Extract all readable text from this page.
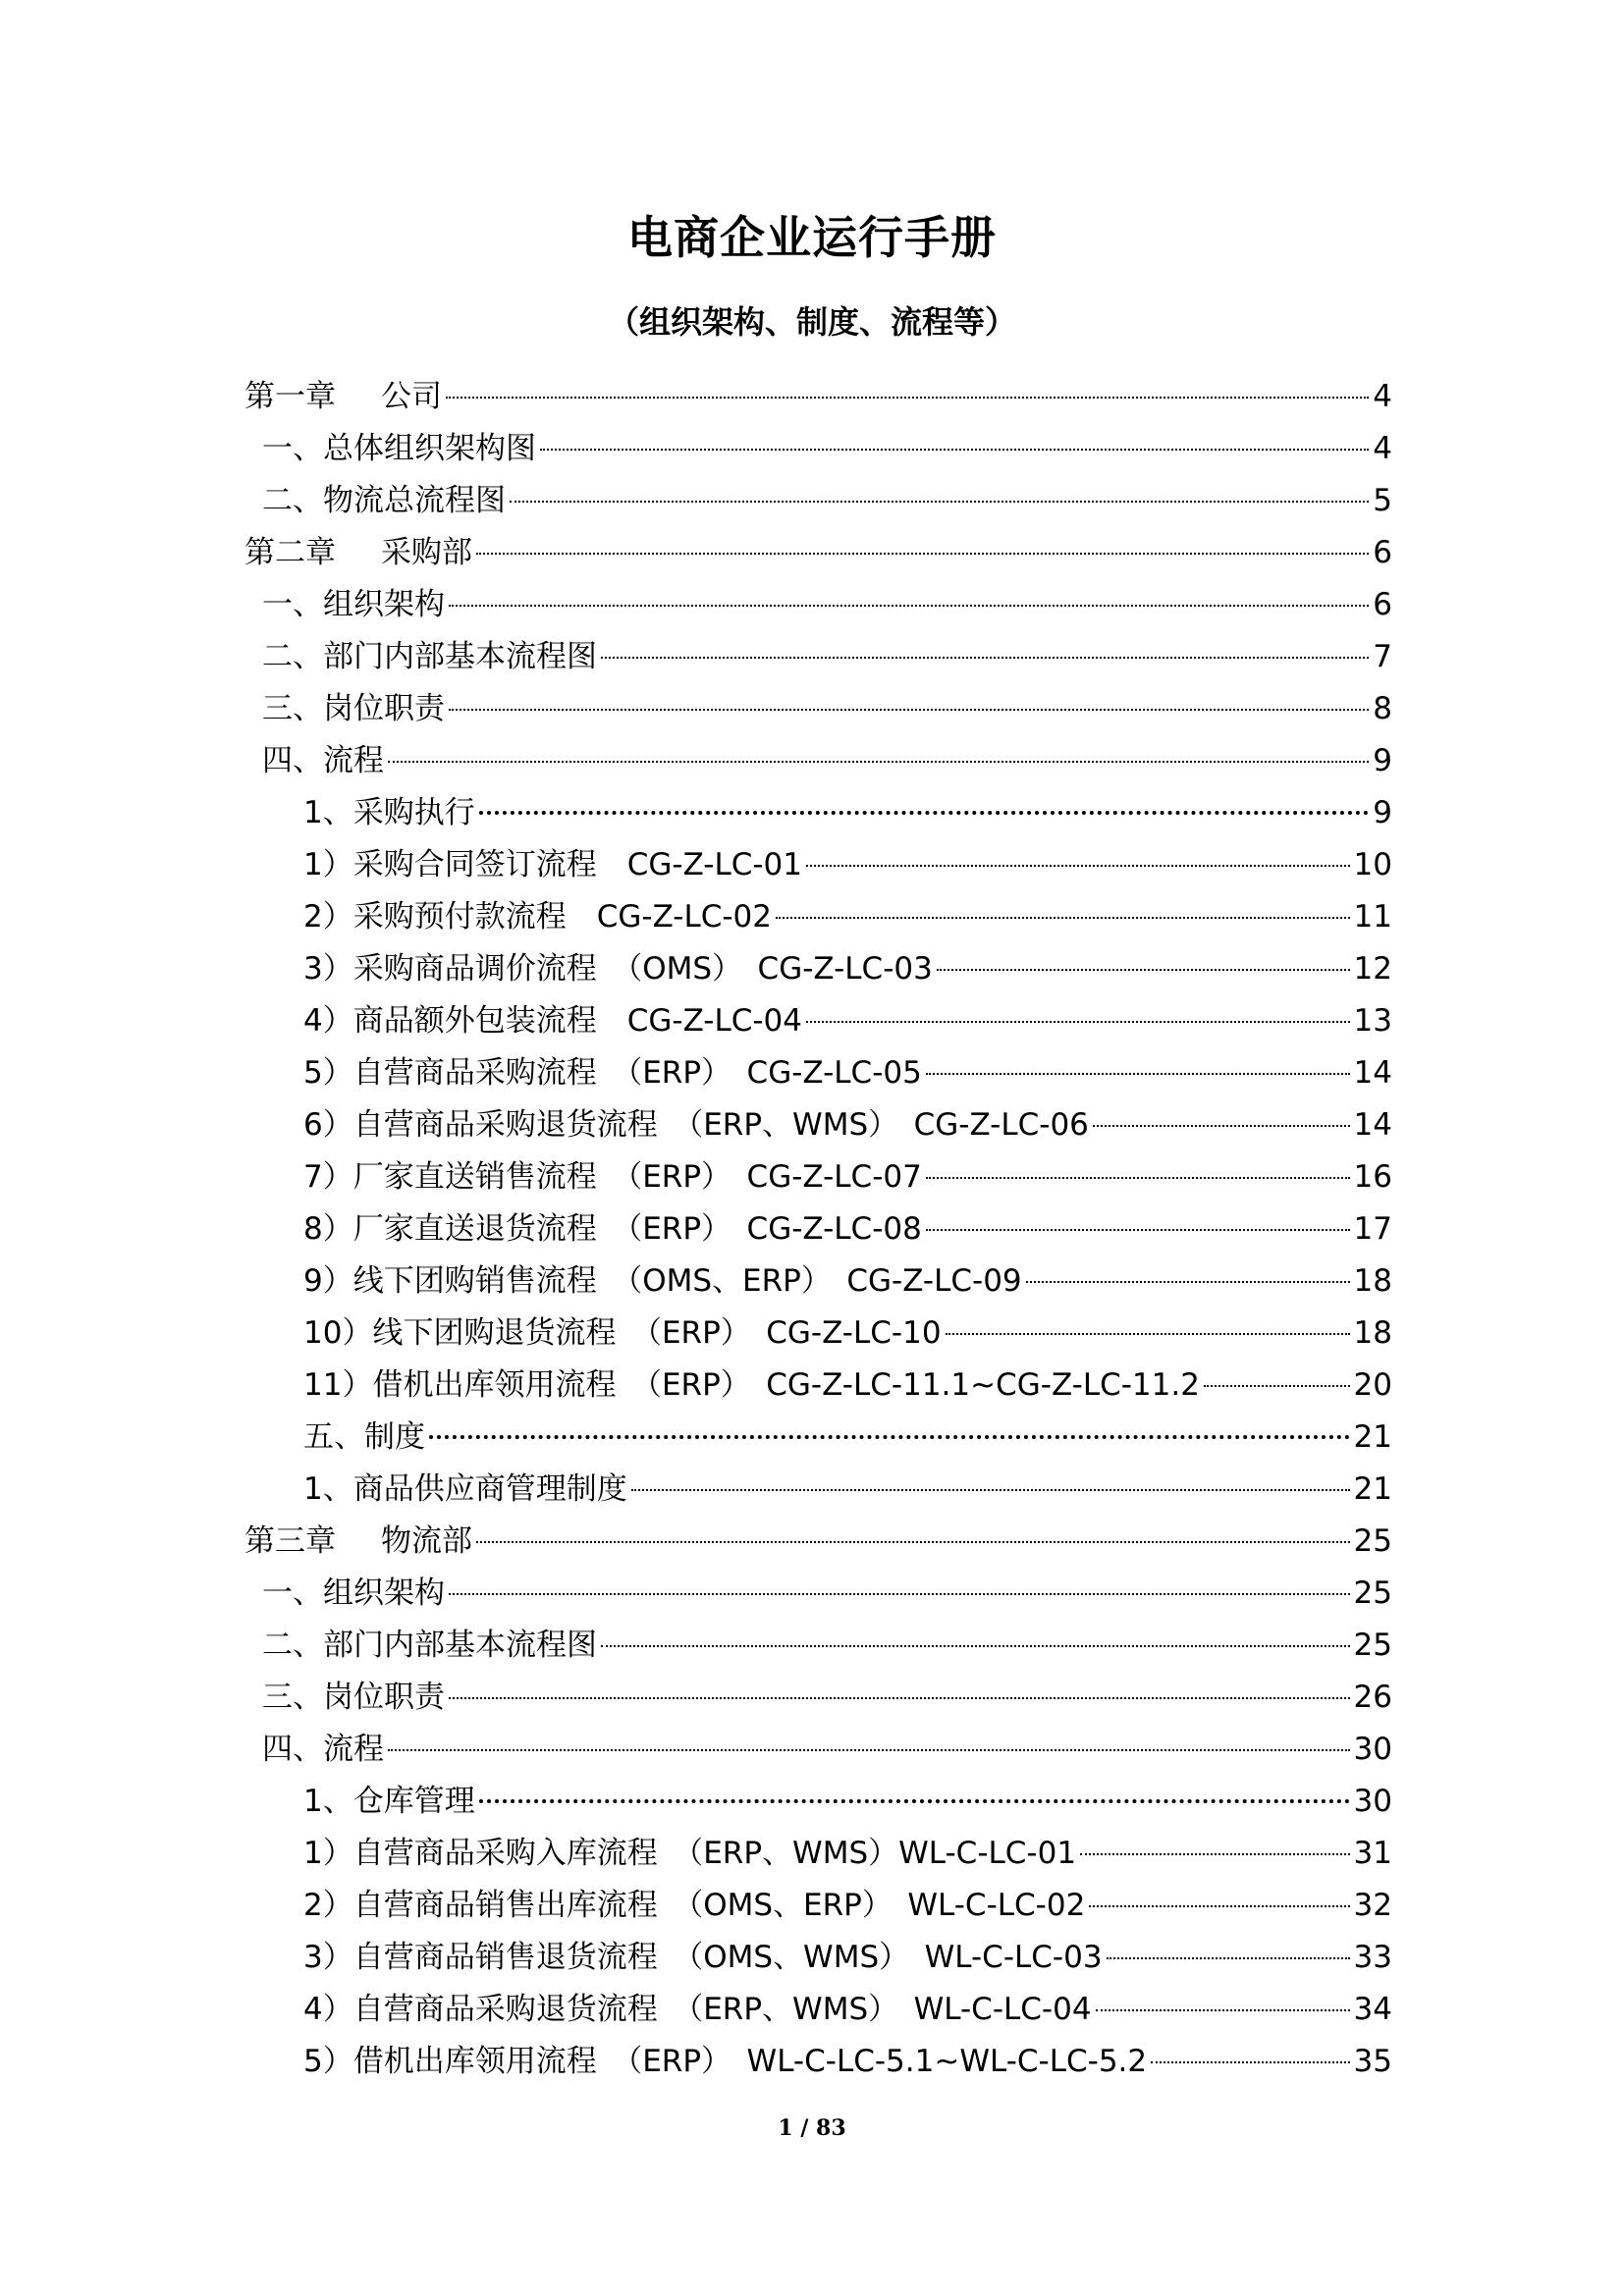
电商企业运行手册
（组织架构、制度、流程等）
第一章 公司	4
一、总体组织架构图	4
二、物流总流程图	5
第二章 采购部	6
一、组织架构	6
二、部门内部基本流程图	7
三、岗位职责	8
四、流程	9
1、采购执行	9
1）采购合同签订流程　CG-Z-LC-01	10
2）采购预付款流程　CG-Z-LC-02	11
3）采购商品调价流程　（OMS）　CG-Z-LC-03	12
4）商品额外包装流程　CG-Z-LC-04	13
5）自营商品采购流程　（ERP）　CG-Z-LC-05	14
6）自营商品采购退货流程　（ERP、WMS）　CG-Z-LC-06	14
7）厂家直送销售流程　（ERP）　CG-Z-LC-07	16
8）厂家直送退货流程　（ERP）　CG-Z-LC-08	17
9）线下团购销售流程　（OMS、ERP）　CG-Z-LC-09	18
10）线下团购退货流程　（ERP）　CG-Z-LC-10	18
11）借机出库领用流程　（ERP）　CG-Z-LC-11.1~CG-Z-LC-11.2	20
五、制度	21
1、商品供应商管理制度	21
第三章 物流部	25
一、组织架构	25
二、部门内部基本流程图	25
三、岗位职责	26
四、流程	30
1、仓库管理	30
1）自营商品采购入库流程　（ERP、WMS）WL-C-LC-01	31
2）自营商品销售出库流程　（OMS、ERP）　WL-C-LC-02	32
3）自营商品销售退货流程　（OMS、WMS）　WL-C-LC-03	33
4）自营商品采购退货流程　（ERP、WMS）　WL-C-LC-04	34
5）借机出库领用流程　（ERP）　WL-C-LC-5.1~WL-C-LC-5.2	35
1 / 83
